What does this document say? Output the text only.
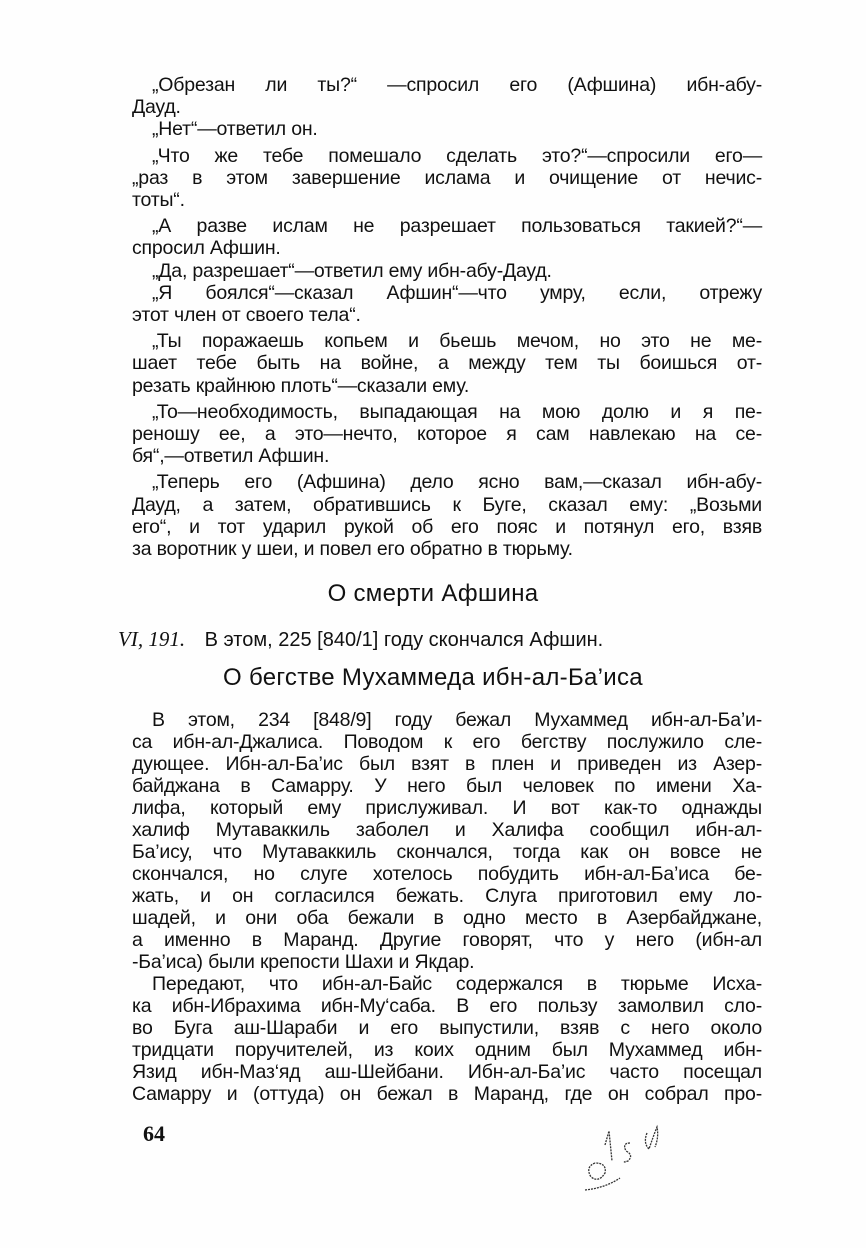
„Обрезан ли ты?“ —спросил его (Афшина) ибн-абу-
Дауд.
„Нет“—ответил он.
„Что же тебе помешало сделать это?“—спросили его—
„раз в этом завершение ислама и очищение от нечис-
тоты“.
„А разве ислам не разрешает пользоваться такией?“—
спросил Афшин.
„Да, разрешает“—ответил ему ибн-абу-Дауд.
„Я боялся“—сказал Афшин“—что умру, если, отрежу
этот член от своего тела“.
„Ты поражаешь копьем и бьешь мечом, но это не ме-
шает тебе быть на войне, а между тем ты боишься от-
резать крайнюю плоть“—сказали ему.
„То—необходимость, выпадающая на мою долю и я пе-
реношу ее, а это—нечто, которое я сам навлекаю на се-
бя“,—ответил Афшин.
„Теперь его (Афшина) дело ясно вам,—сказал ибн-абу-
Дауд, а затем, обратившись к Буге, сказал ему: „Возьми
его“, и тот ударил рукой об его пояс и потянул его, взяв
за воротник у шеи, и повел его обратно в тюрьму.
О смерти Афшина
VI, 191. В этом, 225 [840/1] году скончался Афшин.
О бегстве Мухаммеда ибн-ал-Ба’иса
В этом, 234 [848/9] году бежал Мухаммед ибн-ал-Ба’и-
са ибн-ал-Джалиса. Поводом к его бегству послужило сле-
дующее. Ибн-ал-Ба’ис был взят в плен и приведен из Азер-
байджана в Самарру. У него был человек по имени Ха-
лифа, который ему прислуживал. И вот как-то однажды
халиф Мутаваккиль заболел и Халифа сообщил ибн-ал-
Ба’ису, что Мутаваккиль скончался, тогда как он вовсе не
скончался, но слуге хотелось побудить ибн-ал-Ба’иса бе-
жать, и он согласился бежать. Слуга приготовил ему ло-
шадей, и они оба бежали в одно место в Азербайджане,
а именно в Маранд. Другие говорят, что у него (ибн-ал
-Ба’иса) были крепости Шахи и Якдар.
Передают, что ибн-ал-Байс содержался в тюрьме Исха-
ка ибн-Ибрахима ибн-Му‘саба. В его пользу замолвил сло-
во Буга аш-Шараби и его выпустили, взяв с него около
тридцати поручителей, из коих одним был Мухаммед ибн-
Язид ибн-Маз‘яд аш-Шейбани. Ибн-ал-Ба’ис часто посещал
Самарру и (оттуда) он бежал в Маранд, где он собрал про-
64
